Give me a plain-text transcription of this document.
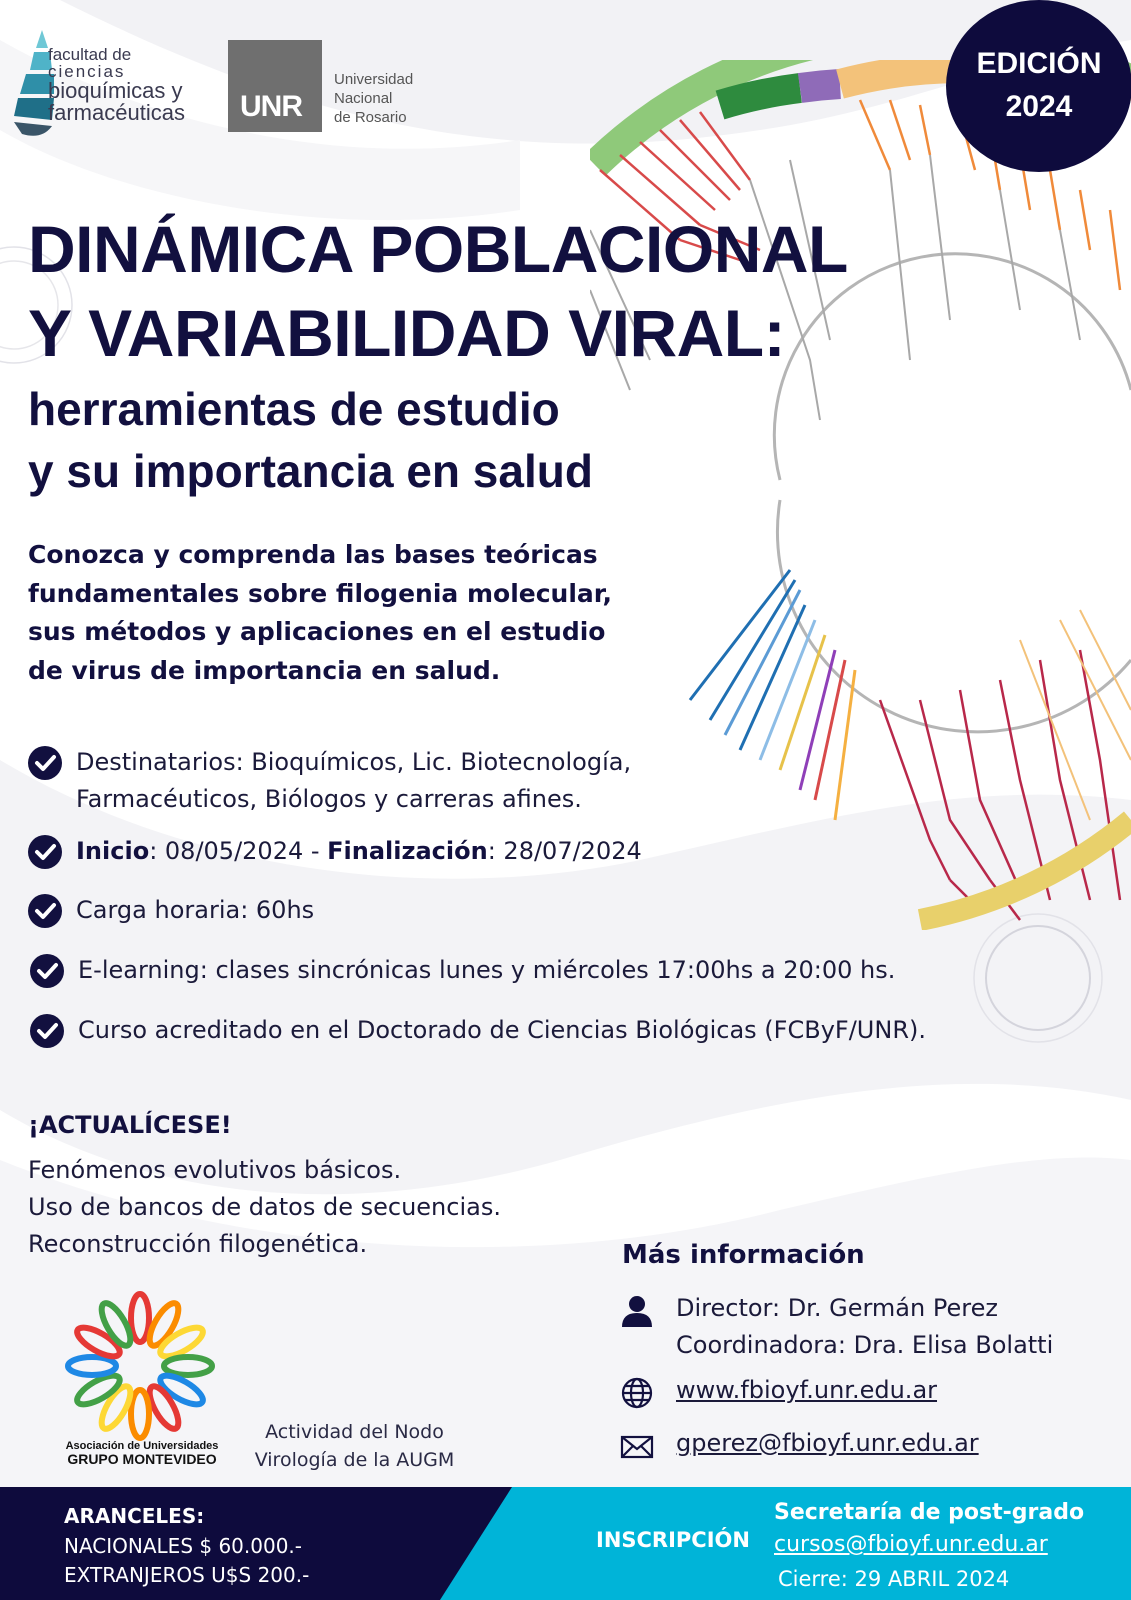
facultad de
ciencias
bioquímicas y
farmacéuticas UNR
Universidad
Nacional
de Rosario
EDICIÓN
2024
DINÁMICA POBLACIONAL
Y VARIABILIDAD VIRAL:
herramientas de estudio
y su importancia en salud
Conozca y comprenda las bases teóricas
fundamentales sobre filogenia molecular,
sus métodos y aplicaciones en el estudio
de virus de importancia en salud.
Destinatarios: Bioquímicos, Lic. Biotecnología,
Farmacéuticos, Biólogos y carreras afines.
Inicio: 08/05/2024 - Finalización: 28/07/2024
Carga horaria: 60hs
E-learning: clases sincrónicas lunes y miércoles 17:00hs a 20:00 hs.
Curso acreditado en el Doctorado de Ciencias Biológicas (FCByF/UNR).
¡ACTUALÍCESE!
Fenómenos evolutivos básicos.
Uso de bancos de datos de secuencias.
Reconstrucción filogenética.
Asociación de Universidades
GRUPO MONTEVIDEO
Actividad del Nodo
Virología de la AUGM
Más información
Director: Dr. Germán Perez
Coordinadora: Dra. Elisa Bolatti
www.fbioyf.unr.edu.ar
gperez@fbioyf.unr.edu.ar
ARANCELES:
NACIONALES $ 60.000.-
EXTRANJEROS U$S 200.-
INSCRIPCIÓN
Secretaría de post-grado
cursos@fbioyf.unr.edu.ar
Cierre: 29 ABRIL 2024
